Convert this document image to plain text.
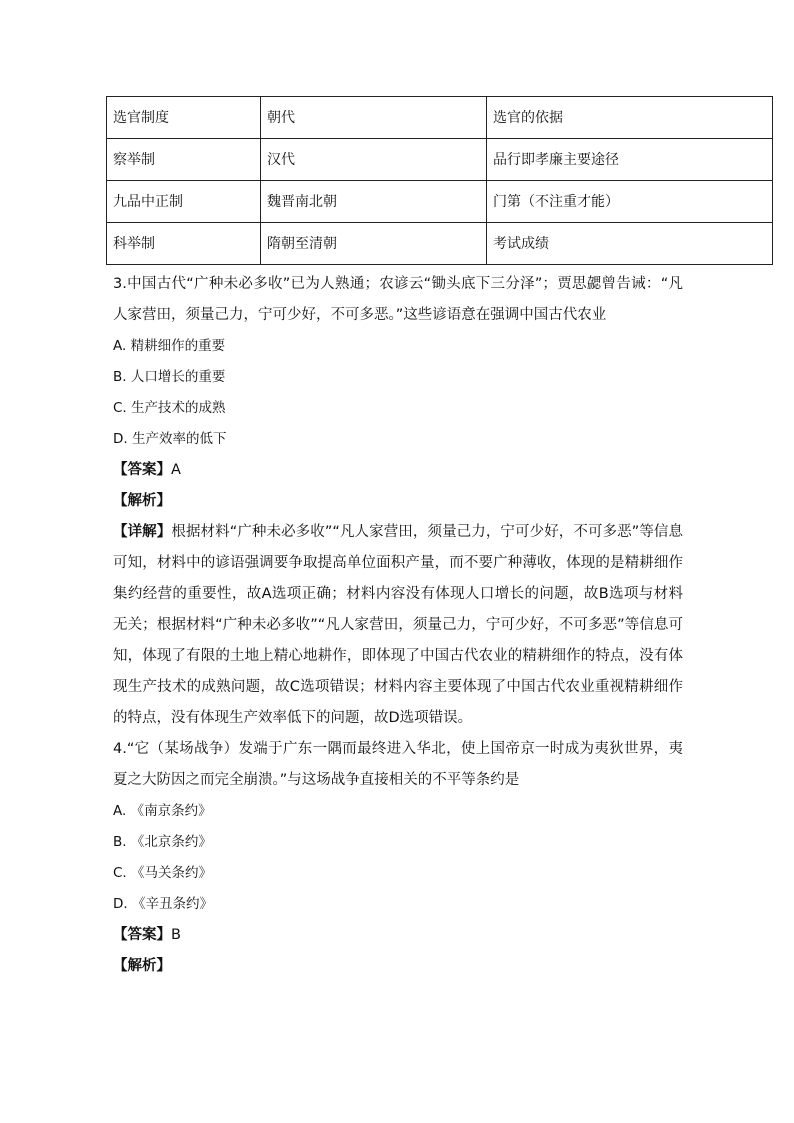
选官制度	朝代	选官的依据
察举制	汉代	品行即孝廉主要途径
九品中正制	魏晋南北朝	门第（不注重才能）
科举制	隋朝至清朝	考试成绩

3.中国古代“广种未必多收”已为人熟通；农谚云“锄头底下三分泽”；贾思勰曾告诫：“凡人家营田，须量己力，宁可少好，不可多恶。”这些谚语意在强调中国古代农业

A. 精耕细作的重要

B. 人口增长的重要

C. 生产技术的成熟

D. 生产效率的低下

【答案】A

【解析】

【详解】根据材料“广种未必多收”“凡人家营田，须量己力，宁可少好，不可多恶”等信息可知，材料中的谚语强调要争取提高单位面积产量，而不要广种薄收，体现的是精耕细作集约经营的重要性，故A选项正确；材料内容没有体现人口增长的问题，故B选项与材料无关；根据材料“广种未必多收”“凡人家营田，须量己力，宁可少好，不可多恶”等信息可知，体现了有限的土地上精心地耕作，即体现了中国古代农业的精耕细作的特点，没有体现生产技术的成熟问题，故C选项错误；材料内容主要体现了中国古代农业重视精耕细作的特点，没有体现生产效率低下的问题，故D选项错误。

4.“它（某场战争）发端于广东一隅而最终进入华北，使上国帝京一时成为夷狄世界，夷夏之大防因之而完全崩溃。”与这场战争直接相关的不平等条约是

A. 《南京条约》

B. 《北京条约》

C. 《马关条约》

D. 《辛丑条约》

【答案】B

【解析】
